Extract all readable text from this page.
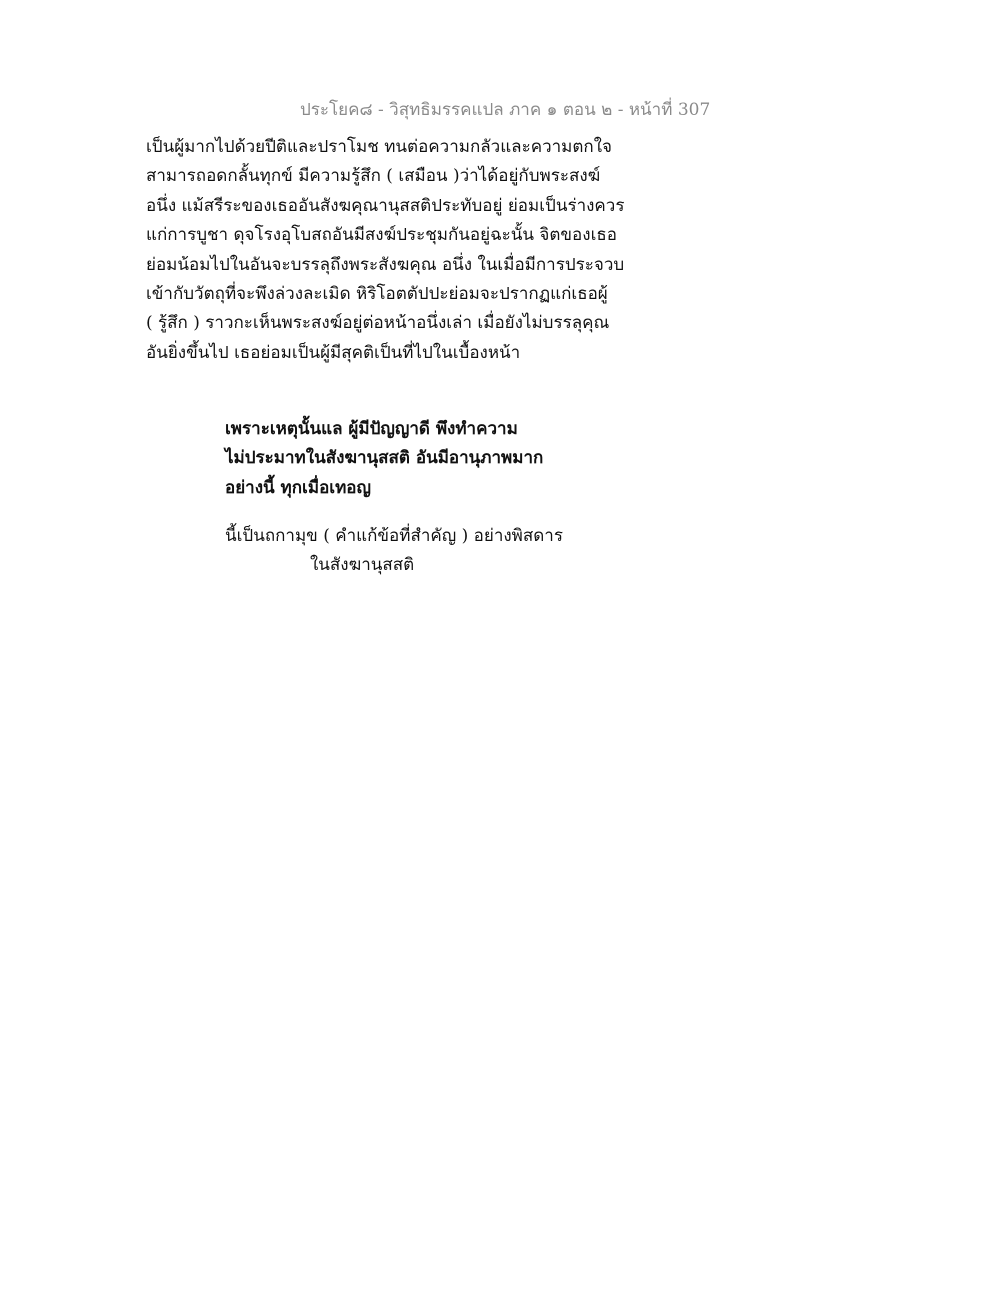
ประโยค๘ - วิสุทธิมรรคแปล ภาค ๑ ตอน ๒ - หน้าที่ 307
เป็นผู้มากไปด้วยปีติและปราโมช ทนต่อความกลัวและความตกใจ
สามารถอดกลั้นทุกข์ มีความรู้สึก ( เสมือน )ว่าได้อยู่กับพระสงฆ์
อนึ่ง แม้สรีระของเธออันสังฆคุณานุสสติประทับอยู่ ย่อมเป็นร่างควร
แก่การบูชา ดุจโรงอุโบสถอันมีสงฆ์ประชุมกันอยู่ฉะนั้น จิตของเธอ
ย่อมน้อมไปในอันจะบรรลุถึงพระสังฆคุณ อนึ่ง ในเมื่อมีการประจวบ
เข้ากับวัตถุที่จะพึงล่วงละเมิด หิริโอตตัปปะย่อมจะปรากฏแก่เธอผู้
( รู้สึก ) ราวกะเห็นพระสงฆ์อยู่ต่อหน้าอนึ่งเล่า เมื่อยังไม่บรรลุคุณ
อันยิ่งขึ้นไป เธอย่อมเป็นผู้มีสุคติเป็นที่ไปในเบื้องหน้า
เพราะเหตุนั้นแล ผู้มีปัญญาดี พึงทำความ
ไม่ประมาทในสังฆานุสสติ อันมีอานุภาพมาก
อย่างนี้ ทุกเมื่อเทอญ
นี้เป็นถกามุข ( คำแก้ข้อที่สำคัญ ) อย่างพิสดาร
ในสังฆานุสสติ
